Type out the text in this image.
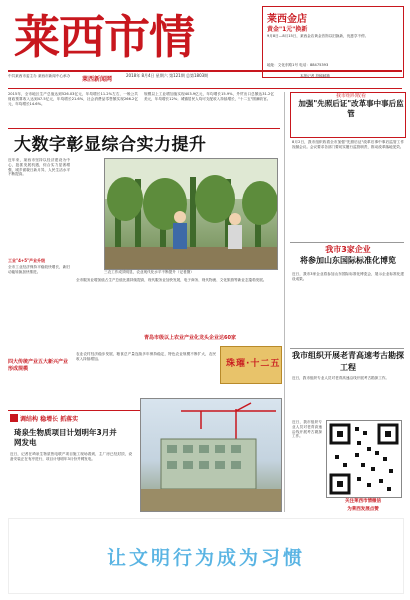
莱西市情	莱西金店
黄金"1元"换新
9月8日—8月15日，莱西金店黄金首饰以旧换新，优惠享不停。
地址：文化东路1号 电话：88475393
中共莱西市委主办 莱西市新闻中心承办	莱西新闻网
2018年 8月4日 星期六 第121期 总第1803期	本报记者 投稿邮箱
2015年，全市地区生产总值达到526.03亿元，年均增长11.2%左右，一般公共财政预算收入达到47.5亿元，年均增长21.6%，社会消费品零售额实现266.2亿元，年均增长14.6%。
规模以上工业增加值实现403.9亿元，年均增长15.9%，外贸出口总额达31.2亿美元，年均增长12%；城镇居民人均可支配收入持续增长，"十二五"圆满收官。
大数字彰显综合实力提升
近年来，莱西市坚持以经济建设为中心，抢抓发展机遇，综合实力显著增强，城乡面貌日新月异，人民生活水平不断提高。
工业"4+5"产业升级
全市工业经济保持平稳较快增长，新旧动能转换加快推进。	三农工作成效明显，农业现代化水平不断提升（记者摄）
我市组织收看
加强"先照后证"改革事中事后监管
8月2日，我市组织收看全市加强"先照后证"改革后事中事后监管工作视频会议。会议要求各部门要切实履行监管职责，推动改革落地见效。
我市3家企业
将参加山东国际标准化博览
近日，我市3家企业将参加山东国际标准化博览会，展示企业标准化建设成果。
我市组织开展老青高速考古勘探工程
近日，我市组织专业人员对老青高速沿线开展考古勘探工作。
全市服务业增加值占生产总值比重持续提高，现代服务业加快发展，电子商务、现代物流、文化旅游等新业态蓬勃发展。
青岛市级以上农业产业化龙头企业达60家
四大传统产业五大新兴产业形成规模
农业农村经济稳步发展，粮食总产量连续多年保持稳定，特色农业规模不断扩大，农民收入持续增加。
珠璀·十二五
调结构 稳增长 抓落实
琦泉生物质项目计划明年3月并网发电
近日，记者在琦泉生物质热电联产项目施工现场看到，主厂房已经封顶，设备安装正在有序进行，项目计划明年3月份并网发电。
近日，我市组织专业人员对老青高速沿线开展考古勘探工作。
关注莱西市情微信
为莱西发展点赞
让文明行为成为习惯
